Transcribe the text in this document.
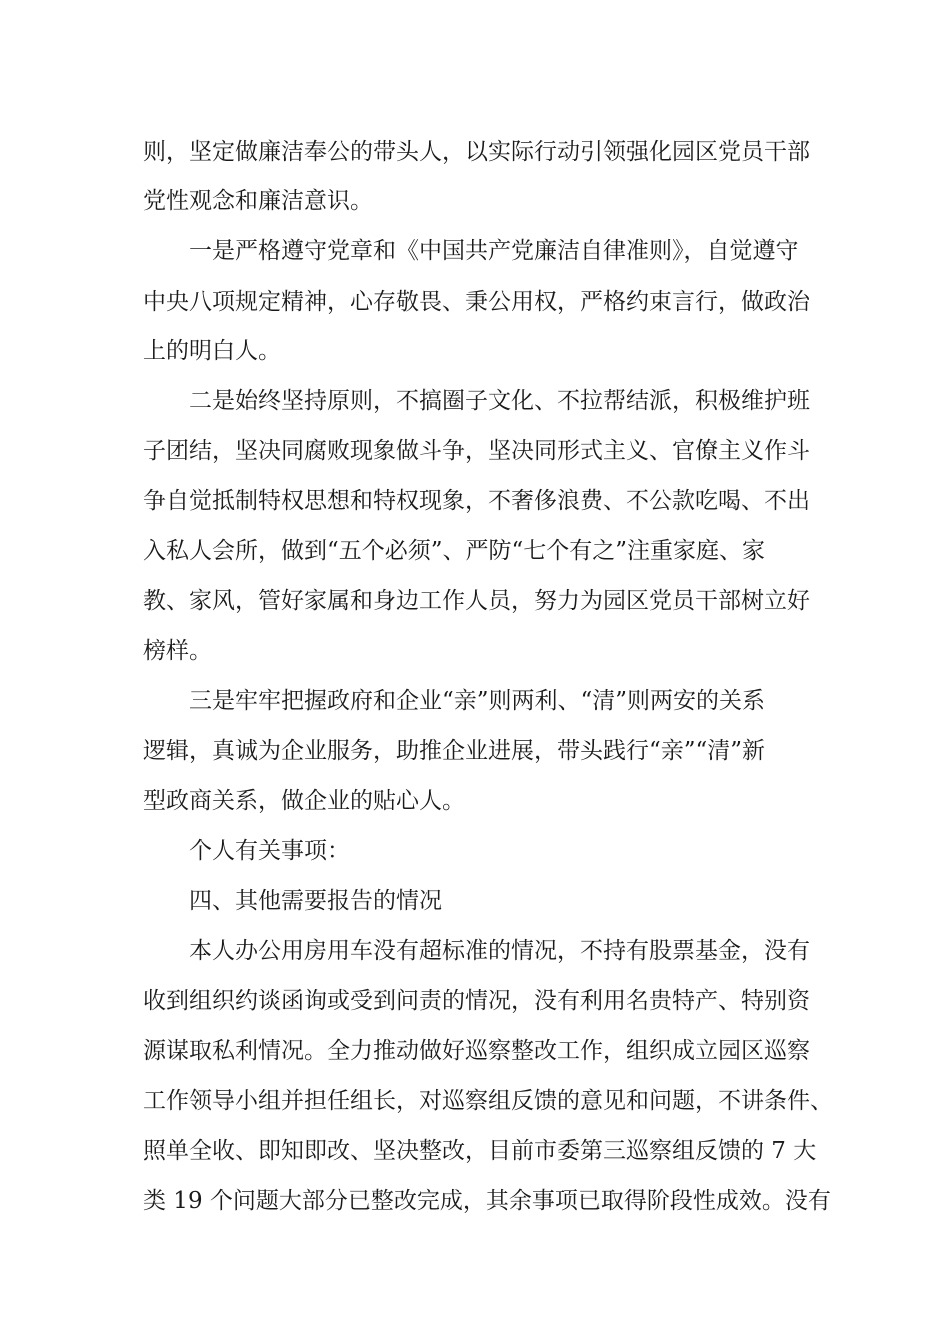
则，坚定做廉洁奉公的带头人，以实际行动引领强化园区党员干部
党性观念和廉洁意识。
一是严格遵守党章和《中国共产党廉洁自律准则》，自觉遵守
中央八项规定精神，心存敬畏、秉公用权，严格约束言行，做政治
上的明白人。
二是始终坚持原则，不搞圈子文化、不拉帮结派，积极维护班
子团结，坚决同腐败现象做斗争，坚决同形式主义、官僚主义作斗
争自觉抵制特权思想和特权现象，不奢侈浪费、不公款吃喝、不出
入私人会所，做到“五个必须”、严防“七个有之”注重家庭、家
教、家风，管好家属和身边工作人员，努力为园区党员干部树立好
榜样。
三是牢牢把握政府和企业“亲”则两利、“清”则两安的关系
逻辑，真诚为企业服务，助推企业进展，带头践行“亲”“清”新
型政商关系，做企业的贴心人。
个人有关事项：
四、其他需要报告的情况
本人办公用房用车没有超标准的情况，不持有股票基金，没有
收到组织约谈函询或受到问责的情况，没有利用名贵特产、特别资
源谋取私利情况。全力推动做好巡察整改工作，组织成立园区巡察
工作领导小组并担任组长，对巡察组反馈的意见和问题，不讲条件、
照单全收、即知即改、坚决整改，目前市委第三巡察组反馈的 7 大
类 19 个问题大部分已整改完成，其余事项已取得阶段性成效。没有
